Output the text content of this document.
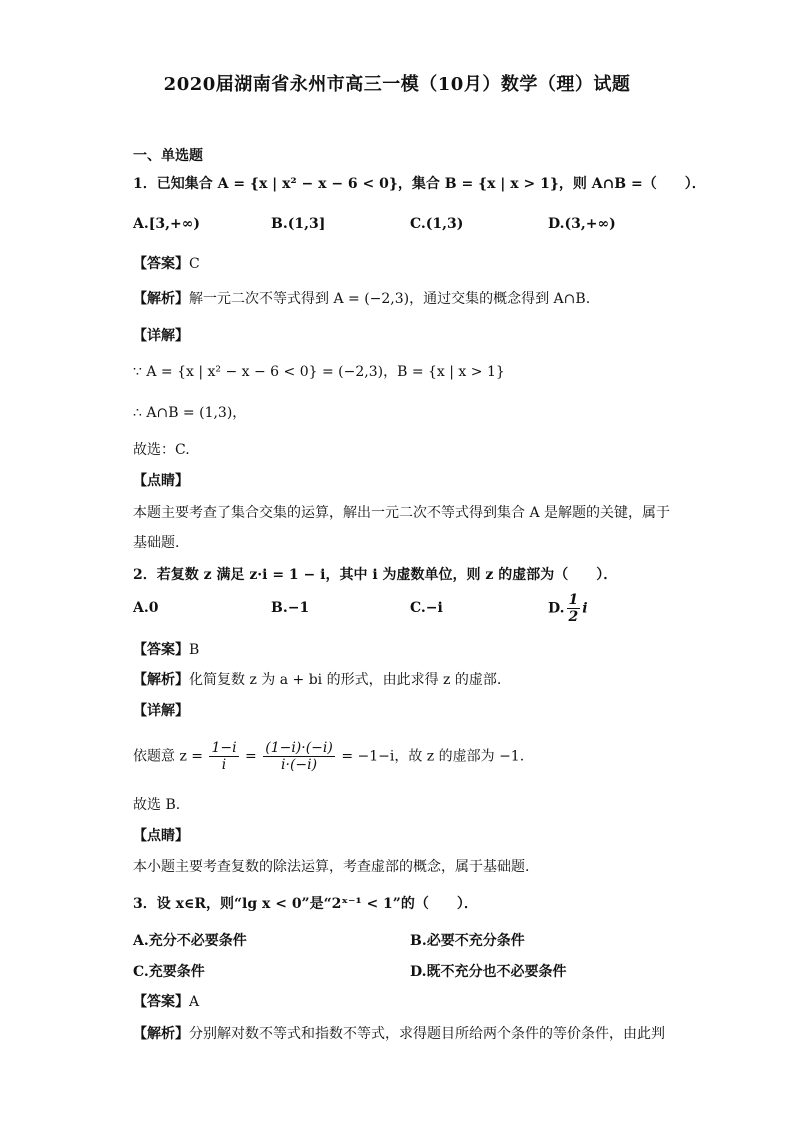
2020届湖南省永州市高三一模（10月）数学（理）试题
一、单选题
1．已知集合 A = {x | x² − x − 6 < 0}，集合 B = {x | x > 1}，则 A∩B =（　　）．
A.[3,+∞)	B.(1,3]	C.(1,3)	D.(3,+∞)
【答案】C
【解析】解一元二次不等式得到 A = (−2,3)，通过交集的概念得到 A∩B.
【详解】
∵ A = {x | x² − x − 6 < 0} = (−2,3)，B = {x | x > 1}
∴ A∩B = (1,3)，
故选：C.
【点睛】
本题主要考查了集合交集的运算，解出一元二次不等式得到集合 A 是解题的关键，属于
基础题.
2．若复数 z 满足 z·i = 1 − i，其中 i 为虚数单位，则 z 的虚部为（　　）．
A.0	B.−1	C.−i	D. $\frac{1}{2}$ i
【答案】B
【解析】化简复数 z 为 a + bi 的形式，由此求得 z 的虚部.
【详解】
依题意 $z = \frac{1-i}{i} = \frac{(1-i)\cdot(-i)}{i\cdot(-i)} = -1-i$，故 z 的虚部为 −1.
故选 B.
【点睛】
本小题主要考查复数的除法运算，考查虚部的概念，属于基础题.
3．设 x∈R，则“lg x < 0”是“2ˣ⁻¹ < 1”的（　　）．
A.充分不必要条件	B.必要不充分条件
C.充要条件	D.既不充分也不必要条件
【答案】A
【解析】分别解对数不等式和指数不等式，求得题目所给两个条件的等价条件，由此判
